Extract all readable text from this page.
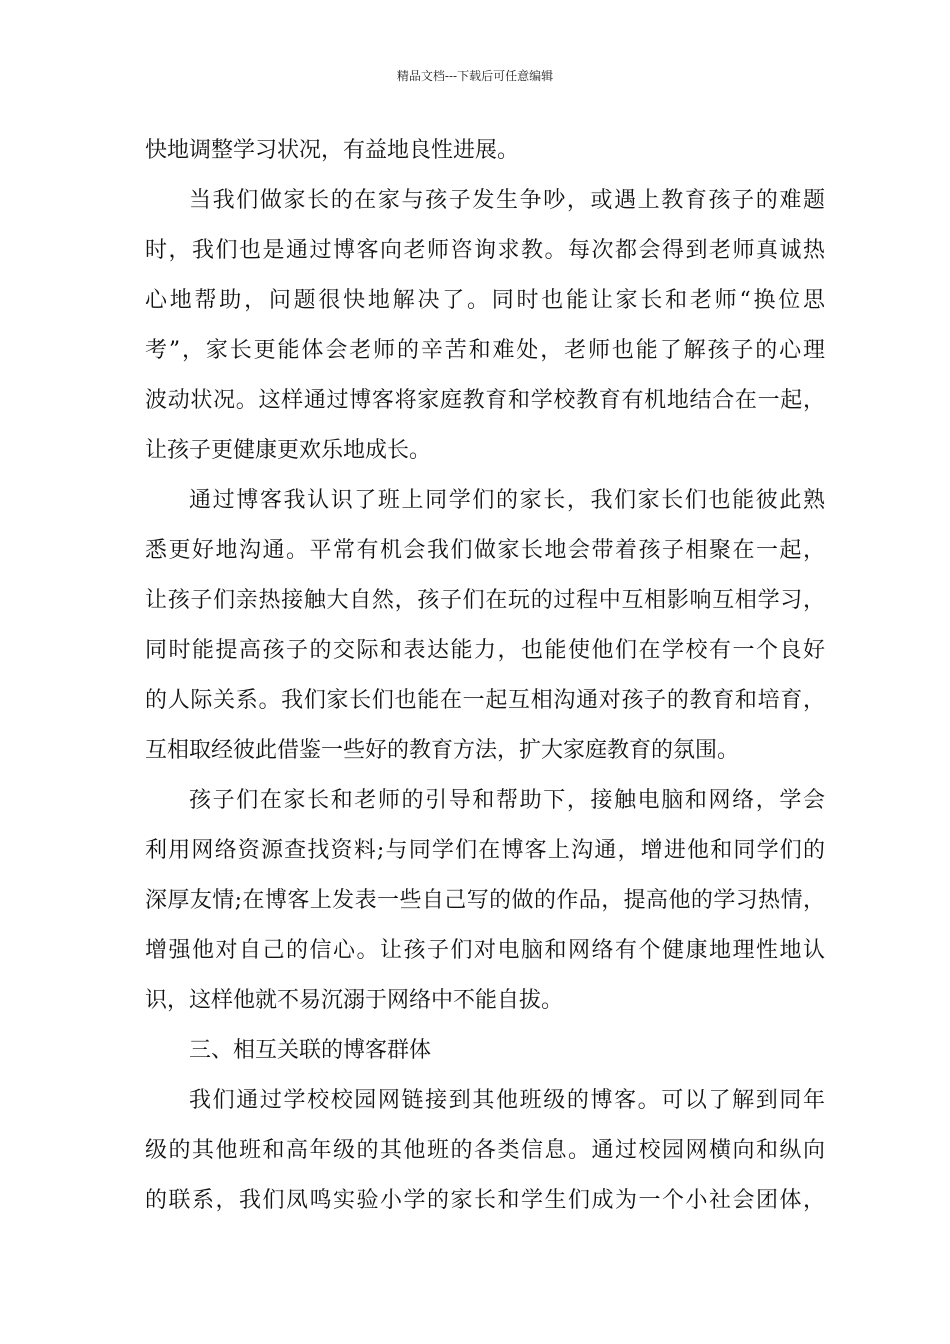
精品文档---下载后可任意编辑
快地调整学习状况，有益地良性进展。
当我们做家长的在家与孩子发生争吵，或遇上教育孩子的难题
时，我们也是通过博客向老师咨询求教。每次都会得到老师真诚热
心地帮助，问题很快地解决了。同时也能让家长和老师“换位思
考”，家长更能体会老师的辛苦和难处，老师也能了解孩子的心理
波动状况。这样通过博客将家庭教育和学校教育有机地结合在一起，
让孩子更健康更欢乐地成长。
通过博客我认识了班上同学们的家长，我们家长们也能彼此熟
悉更好地沟通。平常有机会我们做家长地会带着孩子相聚在一起，
让孩子们亲热接触大自然，孩子们在玩的过程中互相影响互相学习，
同时能提高孩子的交际和表达能力，也能使他们在学校有一个良好
的人际关系。我们家长们也能在一起互相沟通对孩子的教育和培育，
互相取经彼此借鉴一些好的教育方法，扩大家庭教育的氛围。
孩子们在家长和老师的引导和帮助下，接触电脑和网络，学会
利用网络资源查找资料;与同学们在博客上沟通，增进他和同学们的
深厚友情;在博客上发表一些自己写的做的作品，提高他的学习热情，
增强他对自己的信心。让孩子们对电脑和网络有个健康地理性地认
识，这样他就不易沉溺于网络中不能自拔。
三、相互关联的博客群体
我们通过学校校园网链接到其他班级的博客。可以了解到同年
级的其他班和高年级的其他班的各类信息。通过校园网横向和纵向
的联系，我们凤鸣实验小学的家长和学生们成为一个小社会团体，
